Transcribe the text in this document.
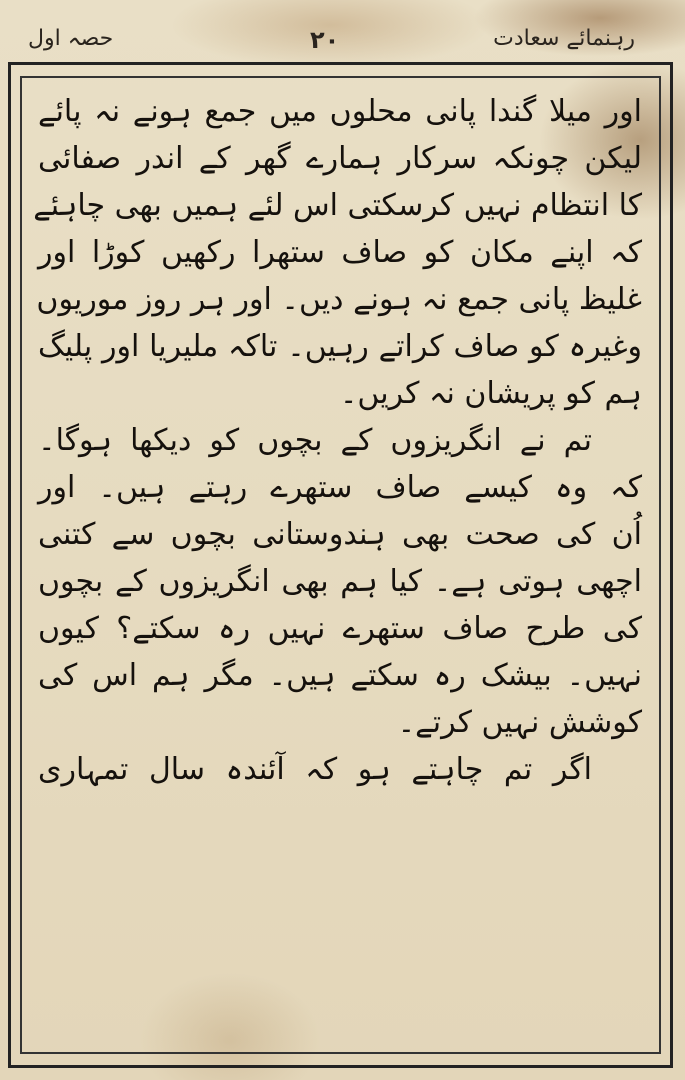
رہنمائے سعادت
۲۰
حصہ اول
اور میلا گندا پانی محلوں میں جمع ہونے نہ پائے
لیکن چونکہ سرکار ہمارے گھر کے اندر صفائی
کا انتظام نہیں کرسکتی اس لئے ہمیں بھی چاہئے
کہ اپنے مکان کو صاف ستھرا رکھیں کوڑا اور
غلیظ پانی جمع نہ ہونے دیں۔ اور ہر روز موریوں
وغیرہ کو صاف کراتے رہیں۔ تاکہ ملیریا اور پلیگ
ہم کو پریشان نہ کریں۔
تم نے انگریزوں کے بچوں کو دیکھا ہوگا۔
کہ وہ کیسے صاف ستھرے رہتے ہیں۔ اور
اُن کی صحت بھی ہندوستانی بچوں سے کتنی
اچھی ہوتی ہے۔ کیا ہم بھی انگریزوں کے بچوں
کی طرح صاف ستھرے نہیں رہ سکتے؟ کیوں
نہیں۔ بیشک رہ سکتے ہیں۔ مگر ہم اس کی
کوشش نہیں کرتے۔
اگر تم چاہتے ہو کہ آئندہ سال تمہاری
